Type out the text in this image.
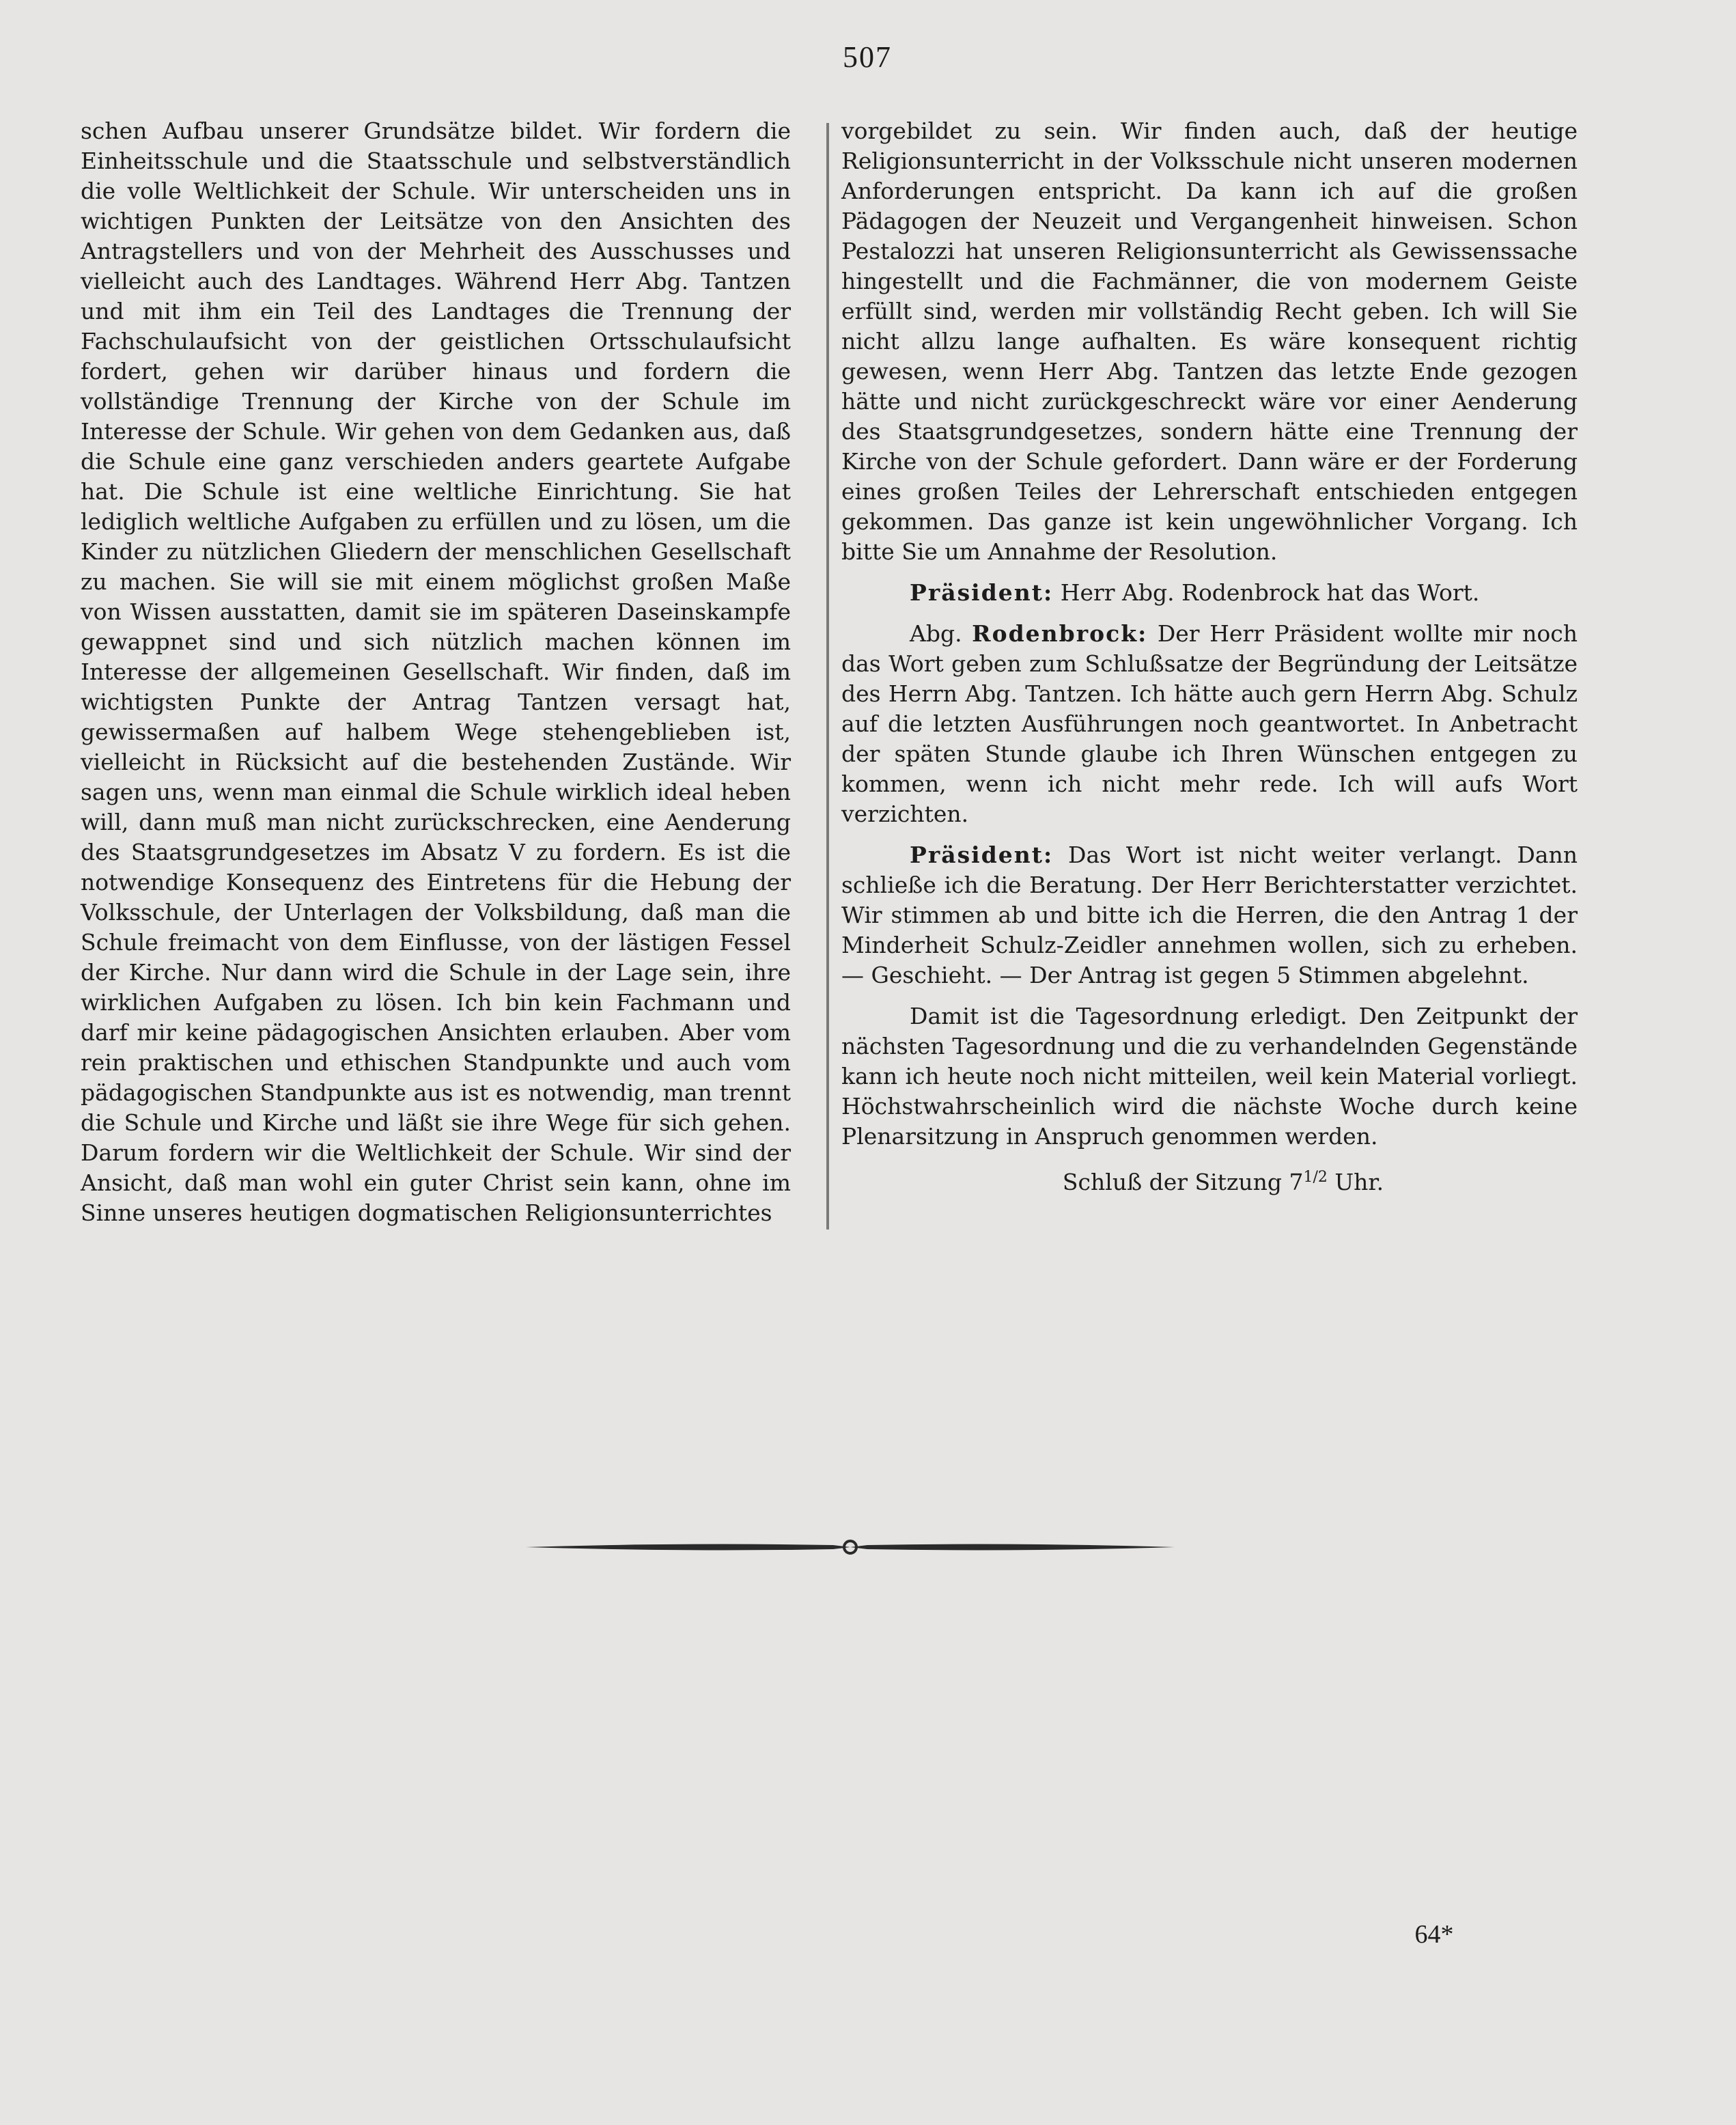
507

schen Aufbau unserer Grundsätze bildet. Wir fordern die Einheitsschule und die Staatsschule und selbstverständlich die volle Weltlichkeit der Schule. Wir unterscheiden uns in wichtigen Punkten der Leitsätze von den Ansichten des Antragstellers und von der Mehrheit des Ausschusses und vielleicht auch des Landtages. Während Herr Abg. Tantzen und mit ihm ein Teil des Landtages die Trennung der Fachschulaufsicht von der geistlichen Ortsschulaufsicht fordert, gehen wir darüber hinaus und fordern die vollständige Trennung der Kirche von der Schule im Interesse der Schule. Wir gehen von dem Gedanken aus, daß die Schule eine ganz verschieden anders geartete Aufgabe hat. Die Schule ist eine weltliche Einrichtung. Sie hat lediglich weltliche Aufgaben zu erfüllen und zu lösen, um die Kinder zu nützlichen Gliedern der menschlichen Gesellschaft zu machen. Sie will sie mit einem möglichst großen Maße von Wissen ausstatten, damit sie im späteren Daseinskampfe gewappnet sind und sich nützlich machen können im Interesse der allgemeinen Gesellschaft. Wir finden, daß im wichtigsten Punkte der Antrag Tantzen versagt hat, gewissermaßen auf halbem Wege stehengeblieben ist, vielleicht in Rücksicht auf die bestehenden Zustände. Wir sagen uns, wenn man einmal die Schule wirklich ideal heben will, dann muß man nicht zurückschrecken, eine Aenderung des Staatsgrundgesetzes im Absatz V zu fordern. Es ist die notwendige Konsequenz des Eintretens für die Hebung der Volksschule, der Unterlagen der Volksbildung, daß man die Schule freimacht von dem Einflusse, von der lästigen Fessel der Kirche. Nur dann wird die Schule in der Lage sein, ihre wirklichen Aufgaben zu lösen. Ich bin kein Fachmann und darf mir keine pädagogischen Ansichten erlauben. Aber vom rein praktischen und ethischen Standpunkte und auch vom pädagogischen Standpunkte aus ist es notwendig, man trennt die Schule und Kirche und läßt sie ihre Wege für sich gehen. Darum fordern wir die Weltlichkeit der Schule. Wir sind der Ansicht, daß man wohl ein guter Christ sein kann, ohne im Sinne unseres heutigen dogmatischen Religionsunterrichtes

vorgebildet zu sein. Wir finden auch, daß der heutige Religionsunterricht in der Volksschule nicht unseren modernen Anforderungen entspricht. Da kann ich auf die großen Pädagogen der Neuzeit und Vergangenheit hinweisen. Schon Pestalozzi hat unseren Religionsunterricht als Gewissenssache hingestellt und die Fachmänner, die von modernem Geiste erfüllt sind, werden mir vollständig Recht geben. Ich will Sie nicht allzu lange aufhalten. Es wäre konsequent richtig gewesen, wenn Herr Abg. Tantzen das letzte Ende gezogen hätte und nicht zurückgeschreckt wäre vor einer Aenderung des Staatsgrundgesetzes, sondern hätte eine Trennung der Kirche von der Schule gefordert. Dann wäre er der Forderung eines großen Teiles der Lehrerschaft entschieden entgegen gekommen. Das ganze ist kein ungewöhnlicher Vorgang. Ich bitte Sie um Annahme der Resolution.

Präsident: Herr Abg. Rodenbrock hat das Wort.

Abg. Rodenbrock: Der Herr Präsident wollte mir noch das Wort geben zum Schlußsatze der Begründung der Leitsätze des Herrn Abg. Tantzen. Ich hätte auch gern Herrn Abg. Schulz auf die letzten Ausführungen noch geantwortet. In Anbetracht der späten Stunde glaube ich Ihren Wünschen entgegen zu kommen, wenn ich nicht mehr rede. Ich will aufs Wort verzichten.

Präsident: Das Wort ist nicht weiter verlangt. Dann schließe ich die Beratung. Der Herr Berichterstatter verzichtet. Wir stimmen ab und bitte ich die Herren, die den Antrag 1 der Minderheit Schulz-Zeidler annehmen wollen, sich zu erheben. — Geschieht. — Der Antrag ist gegen 5 Stimmen abgelehnt.

Damit ist die Tagesordnung erledigt. Den Zeitpunkt der nächsten Tagesordnung und die zu verhandelnden Gegenstände kann ich heute noch nicht mitteilen, weil kein Material vorliegt. Höchstwahrscheinlich wird die nächste Woche durch keine Plenarsitzung in Anspruch genommen werden.

Schluß der Sitzung $7^{1/2}$ Uhr.

64*
